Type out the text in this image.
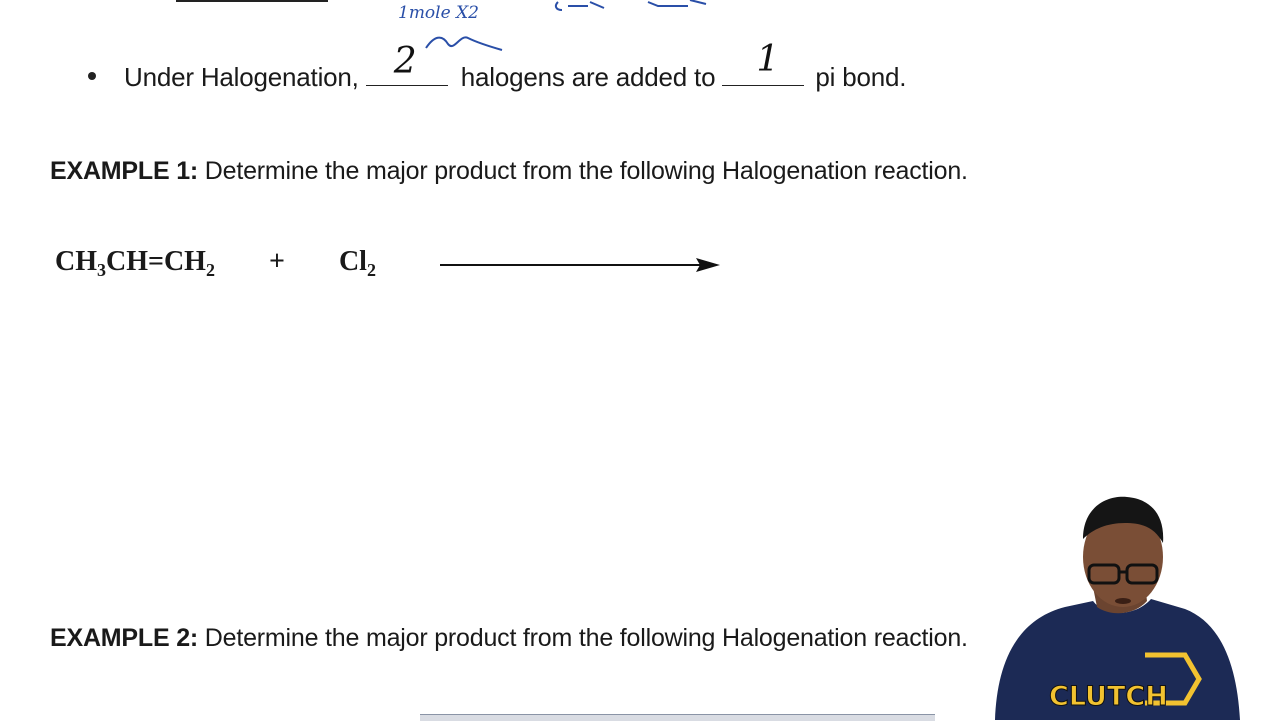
1mole X2
Under Halogenation, 2 halogens are added to 1 pi bond.
EXAMPLE 1: Determine the major product from the following Halogenation reaction.
$CH_3CH=CH_2 + Cl_2$
EXAMPLE 2: Determine the major product from the following Halogenation reaction.
CLUTCH
